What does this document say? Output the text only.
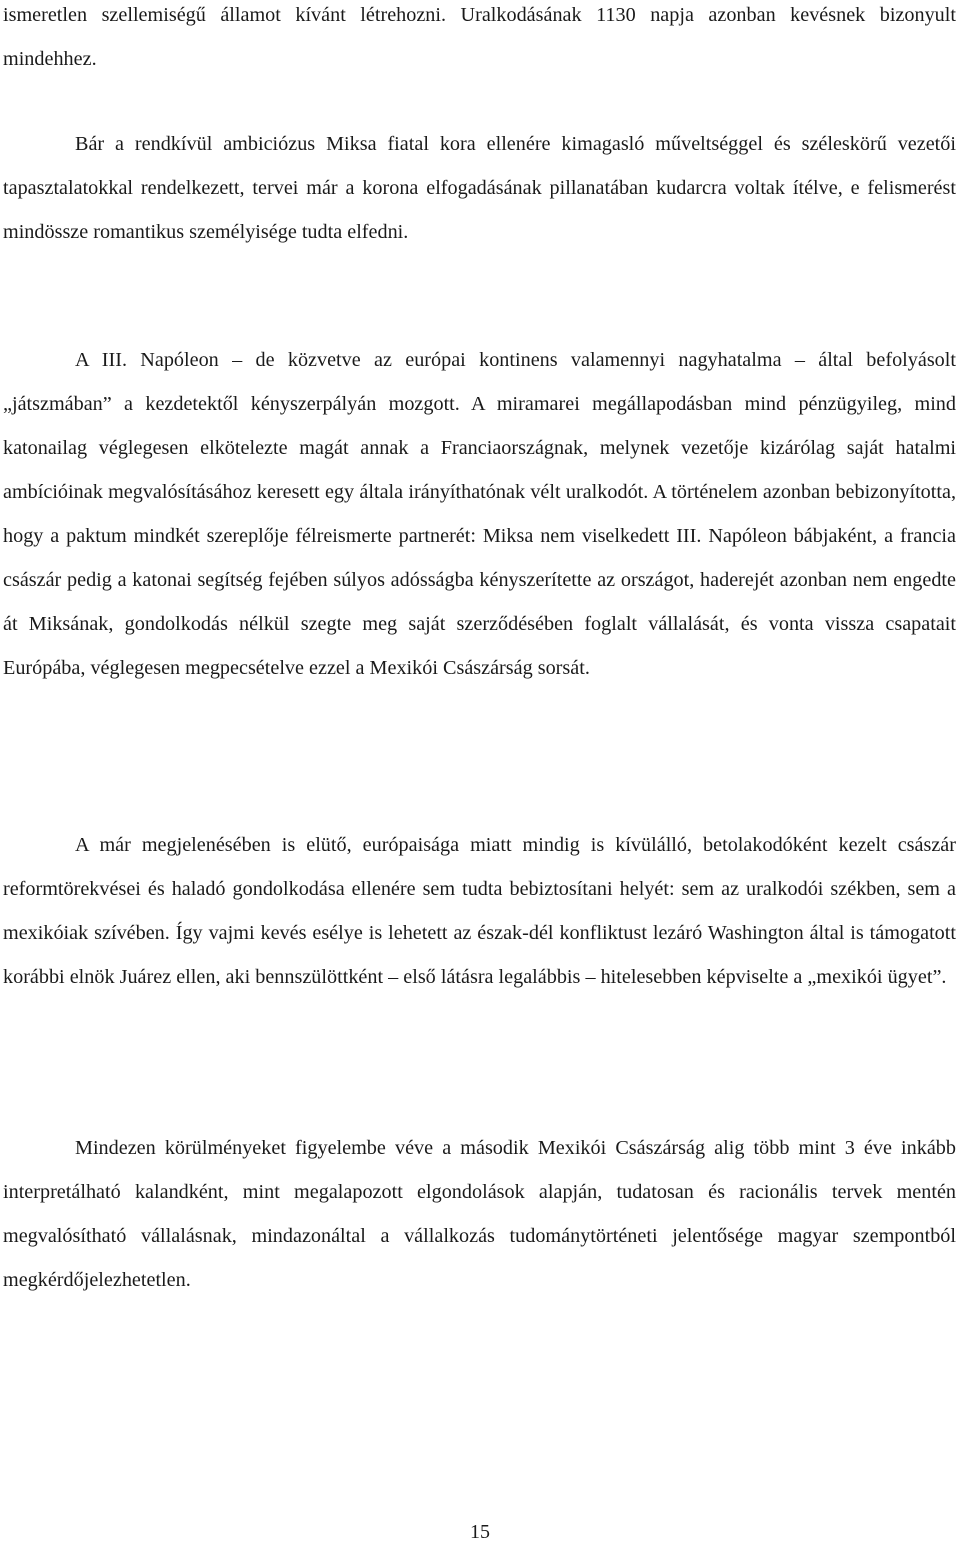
ismeretlen szellemiségű államot kívánt létrehozni. Uralkodásának 1130 napja azonban kevésnek bizonyult mindehhez.

Bár a rendkívül ambiciózus Miksa fiatal kora ellenére kimagasló műveltséggel és széleskörű vezetői tapasztalatokkal rendelkezett, tervei már a korona elfogadásának pillanatában kudarcra voltak ítélve, e felismerést mindössze romantikus személyisége tudta elfedni.

A III. Napóleon – de közvetve az európai kontinens valamennyi nagyhatalma – által befolyásolt „játszmában” a kezdetektől kényszerpályán mozgott. A miramarei megállapodásban mind pénzügyileg, mind katonailag véglegesen elkötelezte magát annak a Franciaországnak, melynek vezetője kizárólag saját hatalmi ambícióinak megvalósításához keresett egy általa irányíthatónak vélt uralkodót. A történelem azonban bebizonyította, hogy a paktum mindkét szereplője félreismerte partnerét: Miksa nem viselkedett III. Napóleon bábjaként, a francia császár pedig a katonai segítség fejében súlyos adósságba kényszerítette az országot, haderejét azonban nem engedte át Miksának, gondolkodás nélkül szegte meg saját szerződésében foglalt vállalását, és vonta vissza csapatait Európába, véglegesen megpecsételve ezzel a Mexikói Császárság sorsát.

A már megjelenésében is elütő, európaisága miatt mindig is kívülálló, betolakodóként kezelt császár reformtörekvései és haladó gondolkodása ellenére sem tudta bebiztosítani helyét: sem az uralkodói székben, sem a mexikóiak szívében. Így vajmi kevés esélye is lehetett az észak-dél konfliktust lezáró Washington által is támogatott korábbi elnök Juárez ellen, aki bennszülöttként – első látásra legalábbis – hitelesebben képviselte a „mexikói ügyet”.

Mindezen körülményeket figyelembe véve a második Mexikói Császárság alig több mint 3 éve inkább interpretálható kalandként, mint megalapozott elgondolások alapján, tudatosan és racionális tervek mentén megvalósítható vállalásnak, mindazonáltal a vállalkozás tudománytörténeti jelentősége magyar szempontból megkérdőjelezhetetlen.

15
